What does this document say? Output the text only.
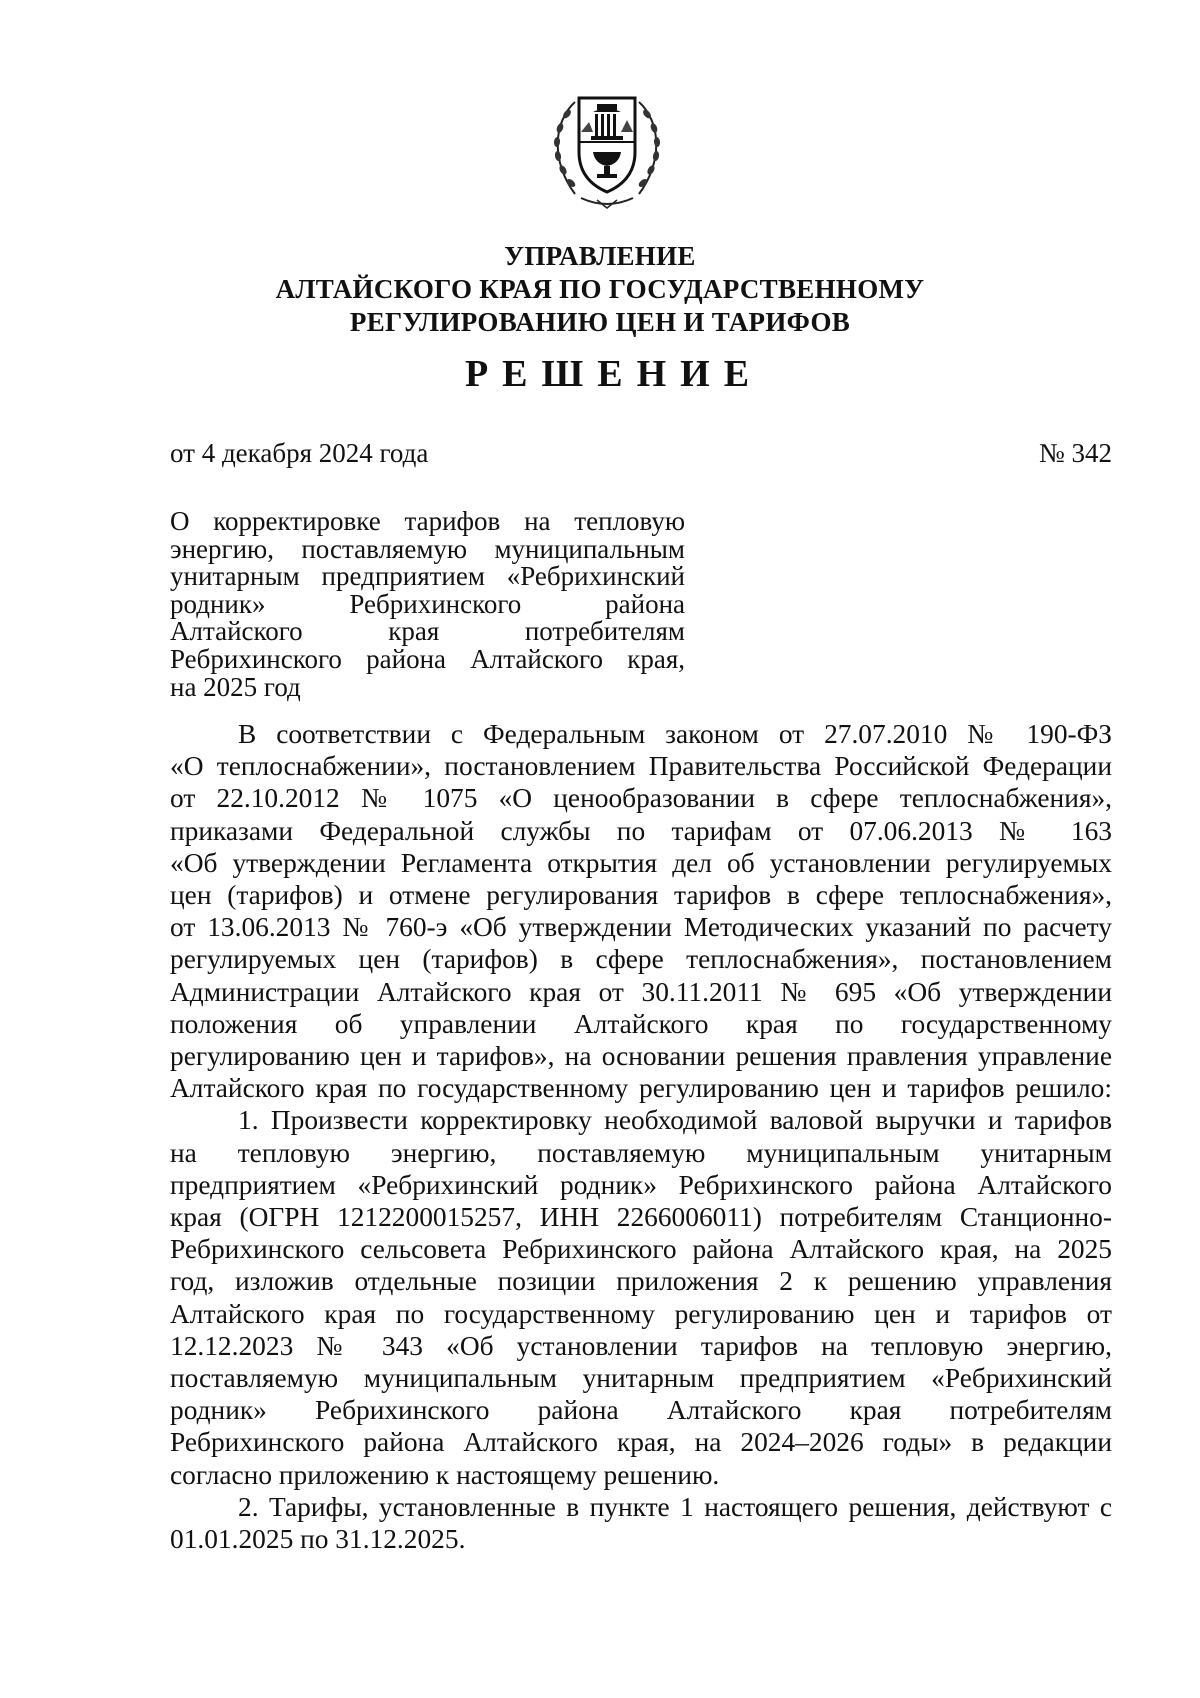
УПРАВЛЕНИЕ
АЛТАЙСКОГО КРАЯ ПО ГОСУДАРСТВЕННОМУ
РЕГУЛИРОВАНИЮ ЦЕН И ТАРИФОВ
РЕШЕНИЕ
от 4 декабря 2024 года	№ 342
О корректировке тарифов на тепловую
энергию, поставляемую муниципальным
унитарным предприятием «Ребрихинский
родник» Ребрихинского района
Алтайского края потребителям
Ребрихинского района Алтайского края,
на 2025 год
В соответствии с Федеральным законом от 27.07.2010 № 190-ФЗ
«О теплоснабжении», постановлением Правительства Российской Федерации
от 22.10.2012 № 1075 «О ценообразовании в сфере теплоснабжения»,
приказами Федеральной службы по тарифам от 07.06.2013 № 163
«Об утверждении Регламента открытия дел об установлении регулируемых
цен (тарифов) и отмене регулирования тарифов в сфере теплоснабжения»,
от 13.06.2013 № 760-э «Об утверждении Методических указаний по расчету
регулируемых цен (тарифов) в сфере теплоснабжения», постановлением
Администрации Алтайского края от 30.11.2011 № 695 «Об утверждении
положения об управлении Алтайского края по государственному
регулированию цен и тарифов», на основании решения правления управление
Алтайского края по государственному регулированию цен и тарифов решило:
1. Произвести корректировку необходимой валовой выручки и тарифов
на тепловую энергию, поставляемую муниципальным унитарным
предприятием «Ребрихинский родник» Ребрихинского района Алтайского
края (ОГРН 1212200015257, ИНН 2266006011) потребителям Станционно-
Ребрихинского сельсовета Ребрихинского района Алтайского края, на 2025
год, изложив отдельные позиции приложения 2 к решению управления
Алтайского края по государственному регулированию цен и тарифов от
12.12.2023 № 343 «Об установлении тарифов на тепловую энергию,
поставляемую муниципальным унитарным предприятием «Ребрихинский
родник» Ребрихинского района Алтайского края потребителям
Ребрихинского района Алтайского края, на 2024–2026 годы» в редакции
согласно приложению к настоящему решению.
2. Тарифы, установленные в пункте 1 настоящего решения, действуют с
01.01.2025 по 31.12.2025.
